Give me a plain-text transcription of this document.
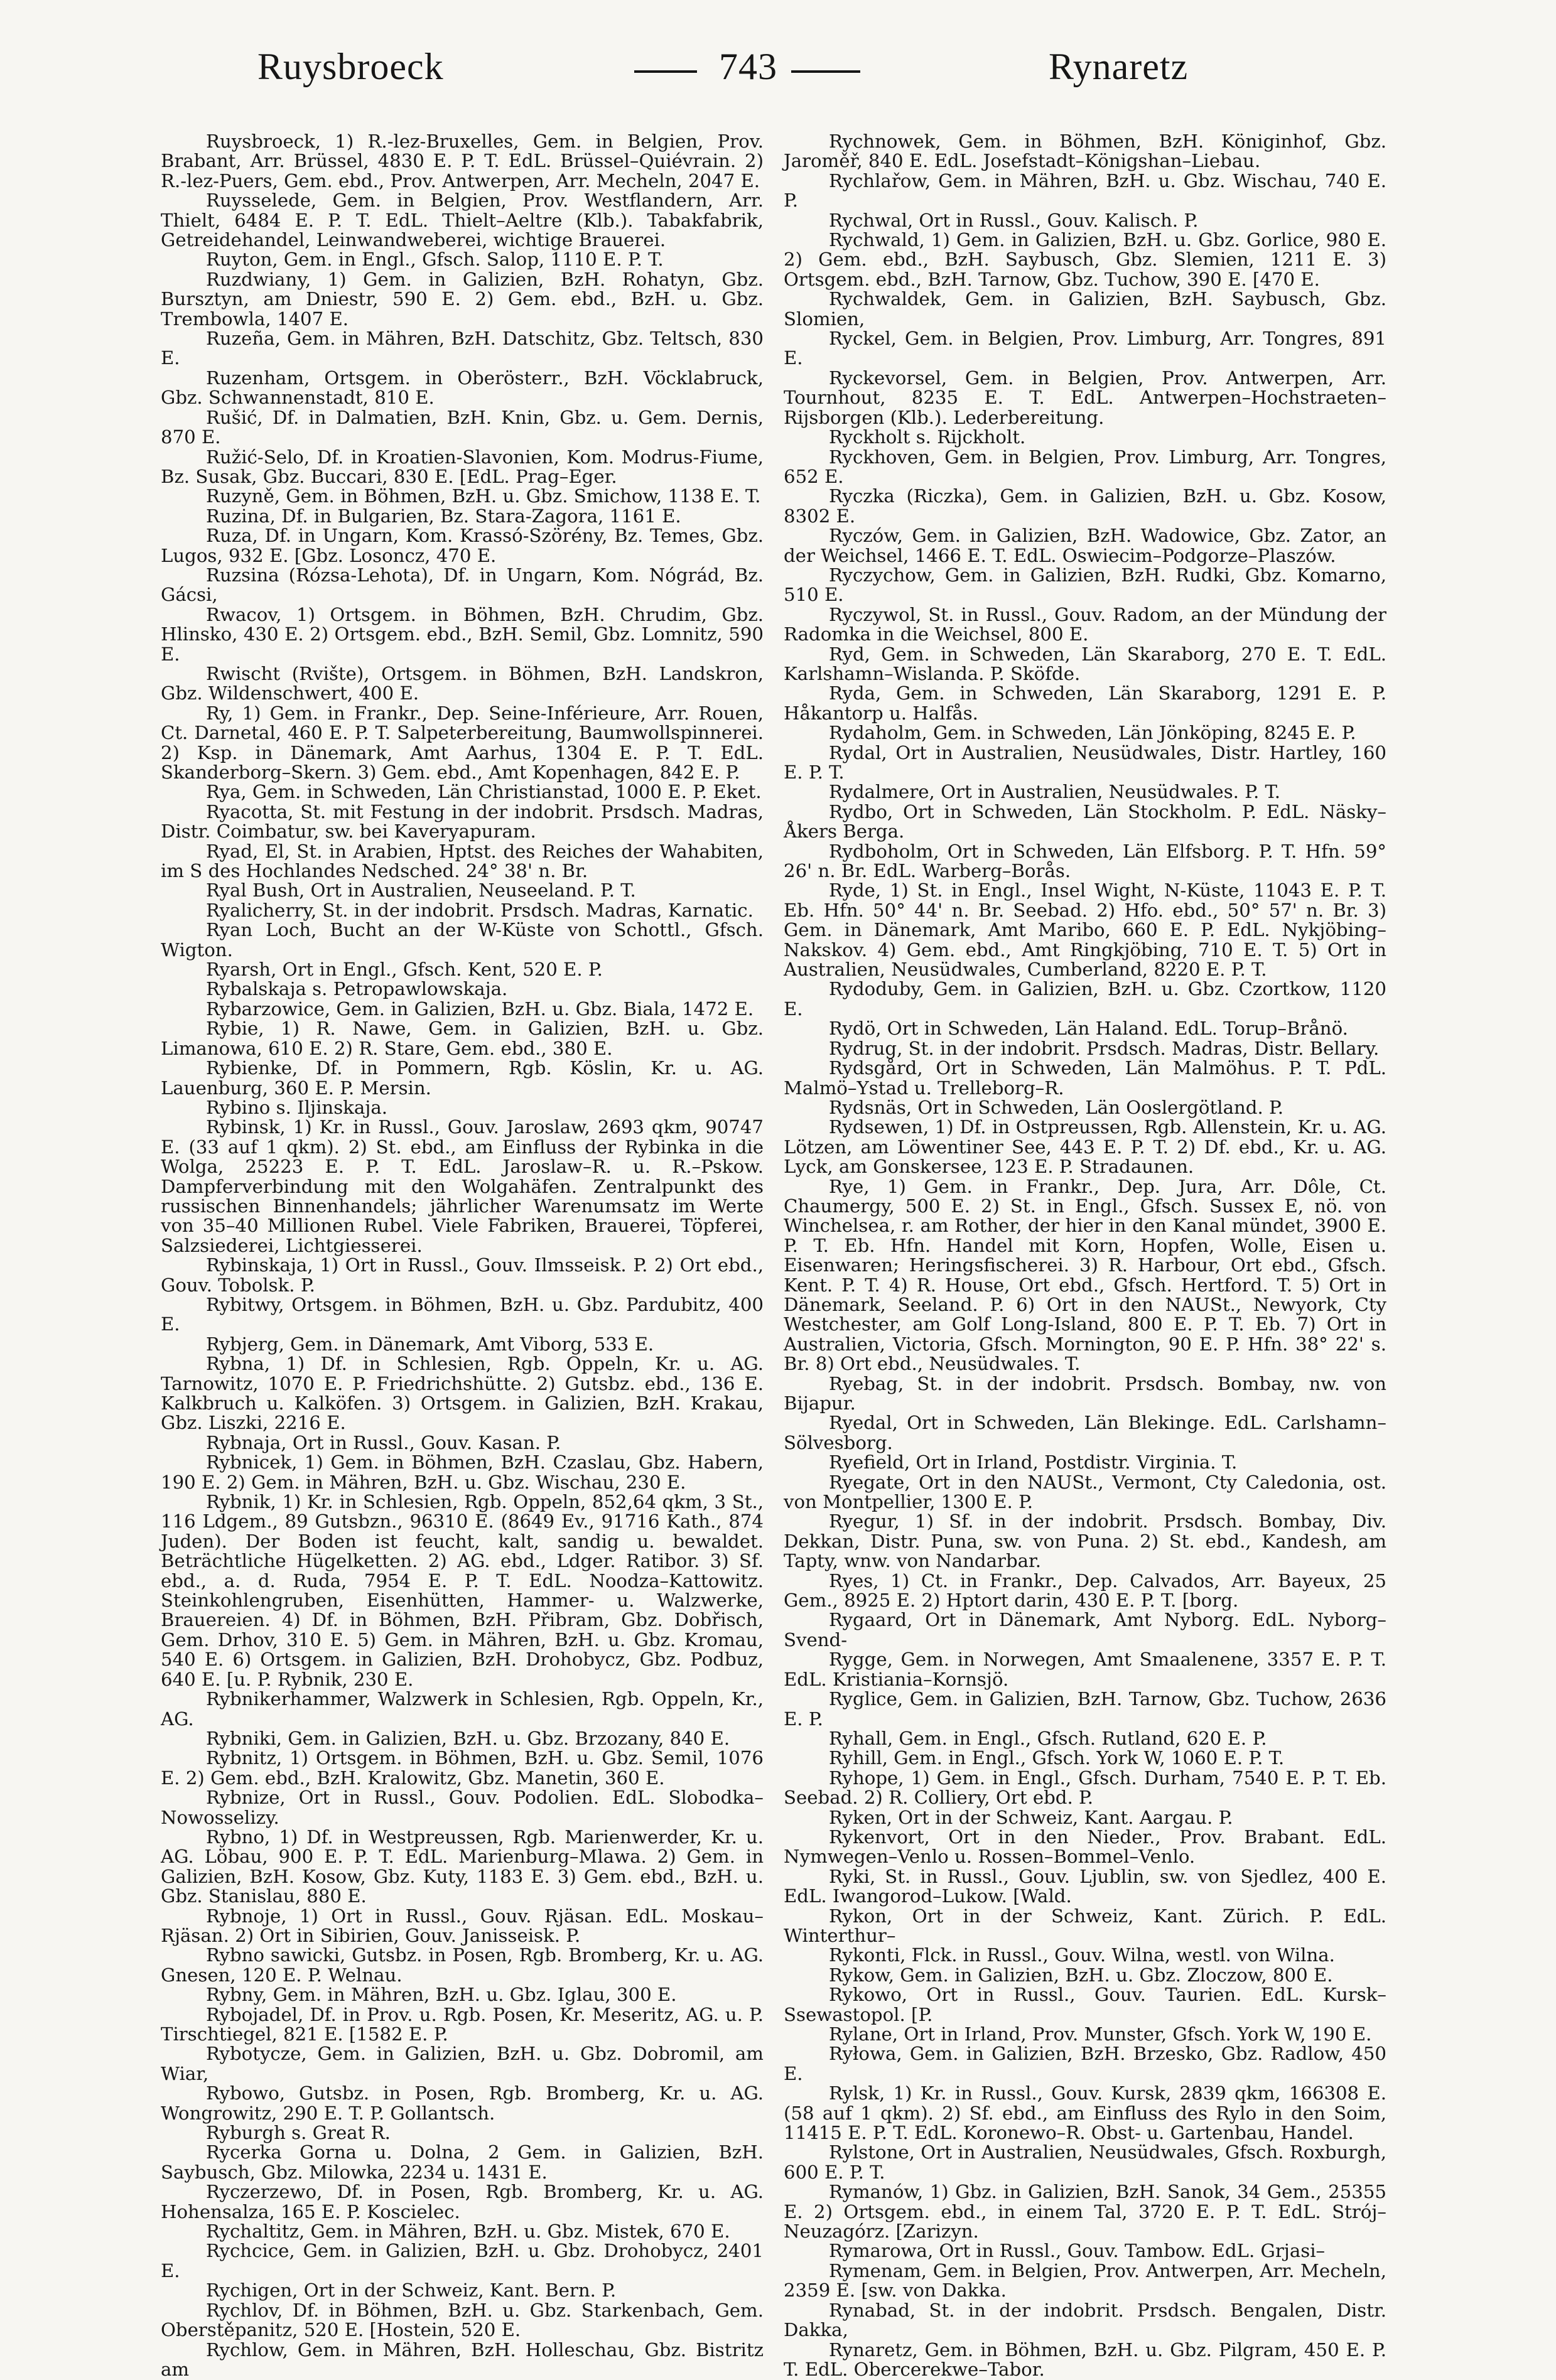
Ruysbroeck	743	Rynaretz

Ruysbroeck, 1) R.-lez-Bruxelles, Gem. in Belgien, Prov. Brabant, Arr. Brüssel, 4830 E. P. T. EdL. Brüssel–Quiévrain. 2) R.-lez-Puers, Gem. ebd., Prov. Antwerpen, Arr. Mecheln, 2047 E.

Ruysselede, Gem. in Belgien, Prov. Westflandern, Arr. Thielt, 6484 E. P. T. EdL. Thielt–Aeltre (Klb.). Tabakfabrik, Getreidehandel, Leinwandweberei, wichtige Brauerei.

Ruyton, Gem. in Engl., Gfsch. Salop, 1110 E. P. T.

Ruzdwiany, 1) Gem. in Galizien, BzH. Rohatyn, Gbz. Bursztyn, am Dniestr, 590 E. 2) Gem. ebd., BzH. u. Gbz. Trembowla, 1407 E.

Ruzeña, Gem. in Mähren, BzH. Datschitz, Gbz. Teltsch, 830 E.

Ruzenham, Ortsgem. in Oberösterr., BzH. Vöcklabruck, Gbz. Schwannenstadt, 810 E.

Rušić, Df. in Dalmatien, BzH. Knin, Gbz. u. Gem. Dernis, 870 E.

Ružić-Selo, Df. in Kroatien-Slavonien, Kom. Modrus-Fiume, Bz. Susak, Gbz. Buccari, 830 E. [EdL. Prag–Eger.

Ruzyně, Gem. in Böhmen, BzH. u. Gbz. Smichow, 1138 E. T.

Ruzina, Df. in Bulgarien, Bz. Stara-Zagora, 1161 E.

Ruza, Df. in Ungarn, Kom. Krassó-Szörény, Bz. Temes, Gbz. Lugos, 932 E. [Gbz. Losoncz, 470 E.

Ruzsina (Rózsa-Lehota), Df. in Ungarn, Kom. Nógrád, Bz. Gácsi,

Rwacov, 1) Ortsgem. in Böhmen, BzH. Chrudim, Gbz. Hlinsko, 430 E. 2) Ortsgem. ebd., BzH. Semil, Gbz. Lomnitz, 590 E.

Rwischt (Rvište), Ortsgem. in Böhmen, BzH. Landskron, Gbz. Wildenschwert, 400 E.

Ry, 1) Gem. in Frankr., Dep. Seine-Inférieure, Arr. Rouen, Ct. Darnetal, 460 E. P. T. Salpeterbereitung, Baumwollspinnerei. 2) Ksp. in Dänemark, Amt Aarhus, 1304 E. P. T. EdL. Skanderborg–Skern. 3) Gem. ebd., Amt Kopenhagen, 842 E. P.

Rya, Gem. in Schweden, Län Christianstad, 1000 E. P. Eket.

Ryacotta, St. mit Festung in der indobrit. Prsdsch. Madras, Distr. Coimbatur, sw. bei Kaveryapuram.

Ryad, El, St. in Arabien, Hptst. des Reiches der Wahabiten, im S des Hochlandes Nedsched. 24° 38' n. Br.

Ryal Bush, Ort in Australien, Neuseeland. P. T.

Ryalicherry, St. in der indobrit. Prsdsch. Madras, Karnatic.

Ryan Loch, Bucht an der W-Küste von Schottl., Gfsch. Wigton.

Ryarsh, Ort in Engl., Gfsch. Kent, 520 E. P.

Rybalskaja s. Petropawlowskaja.

Rybarzowice, Gem. in Galizien, BzH. u. Gbz. Biala, 1472 E.

Rybie, 1) R. Nawe, Gem. in Galizien, BzH. u. Gbz. Limanowa, 610 E. 2) R. Stare, Gem. ebd., 380 E.

Rybienke, Df. in Pommern, Rgb. Köslin, Kr. u. AG. Lauenburg, 360 E. P. Mersin.

Rybino s. Iljinskaja.

Rybinsk, 1) Kr. in Russl., Gouv. Jaroslaw, 2693 qkm, 90747 E. (33 auf 1 qkm). 2) St. ebd., am Einfluss der Rybinka in die Wolga, 25223 E. P. T. EdL. Jaroslaw–R. u. R.–Pskow. Dampferverbindung mit den Wolgahäfen. Zentralpunkt des russischen Binnenhandels; jährlicher Warenumsatz im Werte von 35–40 Millionen Rubel. Viele Fabriken, Brauerei, Töpferei, Salzsiederei, Lichtgiesserei.

Rybinskaja, 1) Ort in Russl., Gouv. Ilmsseisk. P. 2) Ort ebd., Gouv. Tobolsk. P.

Rybitwy, Ortsgem. in Böhmen, BzH. u. Gbz. Pardubitz, 400 E.

Rybjerg, Gem. in Dänemark, Amt Viborg, 533 E.

Rybna, 1) Df. in Schlesien, Rgb. Oppeln, Kr. u. AG. Tarnowitz, 1070 E. P. Friedrichshütte. 2) Gutsbz. ebd., 136 E. Kalkbruch u. Kalköfen. 3) Ortsgem. in Galizien, BzH. Krakau, Gbz. Liszki, 2216 E.

Rybnaja, Ort in Russl., Gouv. Kasan. P.

Rybnicek, 1) Gem. in Böhmen, BzH. Czaslau, Gbz. Habern, 190 E. 2) Gem. in Mähren, BzH. u. Gbz. Wischau, 230 E.

Rybnik, 1) Kr. in Schlesien, Rgb. Oppeln, 852,64 qkm, 3 St., 116 Ldgem., 89 Gutsbzn., 96310 E. (8649 Ev., 91716 Kath., 874 Juden). Der Boden ist feucht, kalt, sandig u. bewaldet. Beträchtliche Hügelketten. 2) AG. ebd., Ldger. Ratibor. 3) Sf. ebd., a. d. Ruda, 7954 E. P. T. EdL. Noodza–Kattowitz. Steinkohlengruben, Eisenhütten, Hammer- u. Walzwerke, Brauereien. 4) Df. in Böhmen, BzH. Přibram, Gbz. Dobřisch, Gem. Drhov, 310 E. 5) Gem. in Mähren, BzH. u. Gbz. Kromau, 540 E. 6) Ortsgem. in Galizien, BzH. Drohobycz, Gbz. Podbuz, 640 E. [u. P. Rybnik, 230 E.

Rybnikerhammer, Walzwerk in Schlesien, Rgb. Oppeln, Kr., AG.

Rybniki, Gem. in Galizien, BzH. u. Gbz. Brzozany, 840 E.

Rybnitz, 1) Ortsgem. in Böhmen, BzH. u. Gbz. Semil, 1076 E. 2) Gem. ebd., BzH. Kralowitz, Gbz. Manetin, 360 E.

Rybnize, Ort in Russl., Gouv. Podolien. EdL. Slobodka–Nowosselizy.

Rybno, 1) Df. in Westpreussen, Rgb. Marienwerder, Kr. u. AG. Löbau, 900 E. P. T. EdL. Marienburg–Mlawa. 2) Gem. in Galizien, BzH. Kosow, Gbz. Kuty, 1183 E. 3) Gem. ebd., BzH. u. Gbz. Stanislau, 880 E.

Rybnoje, 1) Ort in Russl., Gouv. Rjäsan. EdL. Moskau–Rjäsan. 2) Ort in Sibirien, Gouv. Janisseisk. P.

Rybno sawicki, Gutsbz. in Posen, Rgb. Bromberg, Kr. u. AG. Gnesen, 120 E. P. Welnau.

Rybny, Gem. in Mähren, BzH. u. Gbz. Iglau, 300 E.

Rybojadel, Df. in Prov. u. Rgb. Posen, Kr. Meseritz, AG. u. P. Tirschtiegel, 821 E. [1582 E. P.

Rybotycze, Gem. in Galizien, BzH. u. Gbz. Dobromil, am Wiar,

Rybowo, Gutsbz. in Posen, Rgb. Bromberg, Kr. u. AG. Wongrowitz, 290 E. T. P. Gollantsch.

Ryburgh s. Great R.

Rycerka Gorna u. Dolna, 2 Gem. in Galizien, BzH. Saybusch, Gbz. Milowka, 2234 u. 1431 E.

Ryczerzewo, Df. in Posen, Rgb. Bromberg, Kr. u. AG. Hohensalza, 165 E. P. Koscielec.

Rychaltitz, Gem. in Mähren, BzH. u. Gbz. Mistek, 670 E.

Rychcice, Gem. in Galizien, BzH. u. Gbz. Drohobycz, 2401 E.

Rychigen, Ort in der Schweiz, Kant. Bern. P.

Rychlov, Df. in Böhmen, BzH. u. Gbz. Starkenbach, Gem. Oberstěpanitz, 520 E. [Hostein, 520 E.

Rychlow, Gem. in Mähren, BzH. Holleschau, Gbz. Bistritz am

Rychnowek, Gem. in Böhmen, BzH. Königinhof, Gbz. Jaroměř, 840 E. EdL. Josefstadt–Königshan–Liebau.

Rychlařow, Gem. in Mähren, BzH. u. Gbz. Wischau, 740 E. P.

Rychwal, Ort in Russl., Gouv. Kalisch. P.

Rychwald, 1) Gem. in Galizien, BzH. u. Gbz. Gorlice, 980 E. 2) Gem. ebd., BzH. Saybusch, Gbz. Slemien, 1211 E. 3) Ortsgem. ebd., BzH. Tarnow, Gbz. Tuchow, 390 E. [470 E.

Rychwaldek, Gem. in Galizien, BzH. Saybusch, Gbz. Slomien,

Ryckel, Gem. in Belgien, Prov. Limburg, Arr. Tongres, 891 E.

Ryckevorsel, Gem. in Belgien, Prov. Antwerpen, Arr. Tournhout, 8235 E. T. EdL. Antwerpen–Hochstraeten–Rijsborgen (Klb.). Lederbereitung.

Ryckholt s. Rijckholt.

Ryckhoven, Gem. in Belgien, Prov. Limburg, Arr. Tongres, 652 E.

Ryczka (Riczka), Gem. in Galizien, BzH. u. Gbz. Kosow, 8302 E.

Ryczów, Gem. in Galizien, BzH. Wadowice, Gbz. Zator, an der Weichsel, 1466 E. T. EdL. Oswiecim–Podgorze–Plaszów.

Ryczychow, Gem. in Galizien, BzH. Rudki, Gbz. Komarno, 510 E.

Ryczywol, St. in Russl., Gouv. Radom, an der Mündung der Radomka in die Weichsel, 800 E.

Ryd, Gem. in Schweden, Län Skaraborg, 270 E. T. EdL. Karlshamn–Wislanda. P. Sköfde.

Ryda, Gem. in Schweden, Län Skaraborg, 1291 E. P. Håkantorp u. Halfås.

Rydaholm, Gem. in Schweden, Län Jönköping, 8245 E. P.

Rydal, Ort in Australien, Neusüdwales, Distr. Hartley, 160 E. P. T.

Rydalmere, Ort in Australien, Neusüdwales. P. T.

Rydbo, Ort in Schweden, Län Stockholm. P. EdL. Näsky–Åkers Berga.

Rydboholm, Ort in Schweden, Län Elfsborg. P. T. Hfn. 59° 26' n. Br. EdL. Warberg–Borås.

Ryde, 1) St. in Engl., Insel Wight, N-Küste, 11043 E. P. T. Eb. Hfn. 50° 44' n. Br. Seebad. 2) Hfo. ebd., 50° 57' n. Br. 3) Gem. in Dänemark, Amt Maribo, 660 E. P. EdL. Nykjöbing–Nakskov. 4) Gem. ebd., Amt Ringkjöbing, 710 E. T. 5) Ort in Australien, Neusüdwales, Cumberland, 8220 E. P. T.

Rydoduby, Gem. in Galizien, BzH. u. Gbz. Czortkow, 1120 E.

Rydö, Ort in Schweden, Län Haland. EdL. Torup–Brånö.

Rydrug, St. in der indobrit. Prsdsch. Madras, Distr. Bellary.

Rydsgård, Ort in Schweden, Län Malmöhus. P. T. PdL. Malmö–Ystad u. Trelleborg–R.

Rydsnäs, Ort in Schweden, Län Ooslergötland. P.

Rydsewen, 1) Df. in Ostpreussen, Rgb. Allenstein, Kr. u. AG. Lötzen, am Löwentiner See, 443 E. P. T. 2) Df. ebd., Kr. u. AG. Lyck, am Gonskersee, 123 E. P. Stradaunen.

Rye, 1) Gem. in Frankr., Dep. Jura, Arr. Dôle, Ct. Chaumergy, 500 E. 2) St. in Engl., Gfsch. Sussex E, nö. von Winchelsea, r. am Rother, der hier in den Kanal mündet, 3900 E. P. T. Eb. Hfn. Handel mit Korn, Hopfen, Wolle, Eisen u. Eisenwaren; Heringsfischerei. 3) R. Harbour, Ort ebd., Gfsch. Kent. P. T. 4) R. House, Ort ebd., Gfsch. Hertford. T. 5) Ort in Dänemark, Seeland. P. 6) Ort in den NAUSt., Newyork, Cty Westchester, am Golf Long-Island, 800 E. P. T. Eb. 7) Ort in Australien, Victoria, Gfsch. Mornington, 90 E. P. Hfn. 38° 22' s. Br. 8) Ort ebd., Neusüdwales. T.

Ryebag, St. in der indobrit. Prsdsch. Bombay, nw. von Bijapur.

Ryedal, Ort in Schweden, Län Blekinge. EdL. Carlshamn–Sölvesborg.

Ryefield, Ort in Irland, Postdistr. Virginia. T.

Ryegate, Ort in den NAUSt., Vermont, Cty Caledonia, ost. von Montpellier, 1300 E. P.

Ryegur, 1) Sf. in der indobrit. Prsdsch. Bombay, Div. Dekkan, Distr. Puna, sw. von Puna. 2) St. ebd., Kandesh, am Tapty, wnw. von Nandarbar.

Ryes, 1) Ct. in Frankr., Dep. Calvados, Arr. Bayeux, 25 Gem., 8925 E. 2) Hptort darin, 430 E. P. T. [borg.

Rygaard, Ort in Dänemark, Amt Nyborg. EdL. Nyborg–Svend-

Rygge, Gem. in Norwegen, Amt Smaalenene, 3357 E. P. T. EdL. Kristiania–Kornsjö.

Ryglice, Gem. in Galizien, BzH. Tarnow, Gbz. Tuchow, 2636 E. P.

Ryhall, Gem. in Engl., Gfsch. Rutland, 620 E. P.

Ryhill, Gem. in Engl., Gfsch. York W, 1060 E. P. T.

Ryhope, 1) Gem. in Engl., Gfsch. Durham, 7540 E. P. T. Eb. Seebad. 2) R. Colliery, Ort ebd. P.

Ryken, Ort in der Schweiz, Kant. Aargau. P.

Rykenvort, Ort in den Nieder., Prov. Brabant. EdL. Nymwegen–Venlo u. Rossen–Bommel–Venlo.

Ryki, St. in Russl., Gouv. Ljublin, sw. von Sjedlez, 400 E. EdL. Iwangorod–Lukow. [Wald.

Rykon, Ort in der Schweiz, Kant. Zürich. P. EdL. Winterthur–

Rykonti, Flck. in Russl., Gouv. Wilna, westl. von Wilna.

Rykow, Gem. in Galizien, BzH. u. Gbz. Zloczow, 800 E.

Rykowo, Ort in Russl., Gouv. Taurien. EdL. Kursk–Ssewastopol. [P.

Rylane, Ort in Irland, Prov. Munster, Gfsch. York W, 190 E.

Ryłowa, Gem. in Galizien, BzH. Brzesko, Gbz. Radlow, 450 E.

Rylsk, 1) Kr. in Russl., Gouv. Kursk, 2839 qkm, 166308 E. (58 auf 1 qkm). 2) Sf. ebd., am Einfluss des Rylo in den Soim, 11415 E. P. T. EdL. Koronewo–R. Obst- u. Gartenbau, Handel.

Rylstone, Ort in Australien, Neusüdwales, Gfsch. Roxburgh, 600 E. P. T.

Rymanów, 1) Gbz. in Galizien, BzH. Sanok, 34 Gem., 25355 E. 2) Ortsgem. ebd., in einem Tal, 3720 E. P. T. EdL. Strój–Neuzagórz. [Zarizyn.

Rymarowa, Ort in Russl., Gouv. Tambow. EdL. Grjasi–

Rymenam, Gem. in Belgien, Prov. Antwerpen, Arr. Mecheln, 2359 E. [sw. von Dakka.

Rynabad, St. in der indobrit. Prsdsch. Bengalen, Distr. Dakka,

Rynaretz, Gem. in Böhmen, BzH. u. Gbz. Pilgram, 450 E. P. T. EdL. Obercerekwe–Tabor.
